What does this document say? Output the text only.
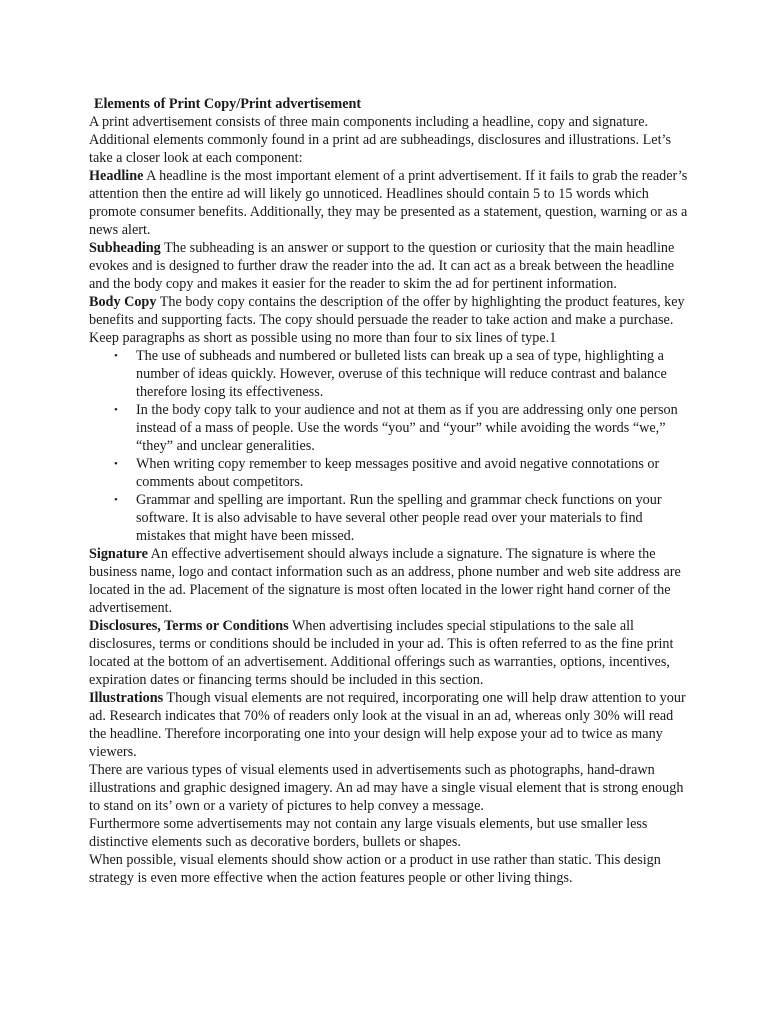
Elements of Print Copy/Print advertisement

A print advertisement consists of three main components including a headline, copy and signature. Additional elements commonly found in a print ad are subheadings, disclosures and illustrations. Let’s take a closer look at each component:

Headline A headline is the most important element of a print advertisement. If it fails to grab the reader’s attention then the entire ad will likely go unnoticed. Headlines should contain 5 to 15 words which promote consumer benefits. Additionally, they may be presented as a statement, question, warning or as a news alert.

Subheading The subheading is an answer or support to the question or curiosity that the main headline evokes and is designed to further draw the reader into the ad. It can act as a break between the headline and the body copy and makes it easier for the reader to skim the ad for pertinent information.

Body Copy The body copy contains the description of the offer by highlighting the product features, key benefits and supporting facts. The copy should persuade the reader to take action and make a purchase. Keep paragraphs as short as possible using no more than four to six lines of type.1

• The use of subheads and numbered or bulleted lists can break up a sea of type, highlighting a number of ideas quickly. However, overuse of this technique will reduce contrast and balance therefore losing its effectiveness.
• In the body copy talk to your audience and not at them as if you are addressing only one person instead of a mass of people. Use the words “you” and “your” while avoiding the words “we,” “they” and unclear generalities.
• When writing copy remember to keep messages positive and avoid negative connotations or comments about competitors.
• Grammar and spelling are important. Run the spelling and grammar check functions on your software. It is also advisable to have several other people read over your materials to find mistakes that might have been missed.

Signature An effective advertisement should always include a signature. The signature is where the business name, logo and contact information such as an address, phone number and web site address are located in the ad. Placement of the signature is most often located in the lower right hand corner of the advertisement.

Disclosures, Terms or Conditions When advertising includes special stipulations to the sale all disclosures, terms or conditions should be included in your ad. This is often referred to as the fine print located at the bottom of an advertisement. Additional offerings such as warranties, options, incentives, expiration dates or financing terms should be included in this section.

Illustrations Though visual elements are not required, incorporating one will help draw attention to your ad. Research indicates that 70% of readers only look at the visual in an ad, whereas only 30% will read the headline. Therefore incorporating one into your design will help expose your ad to twice as many viewers.

There are various types of visual elements used in advertisements such as photographs, hand-drawn illustrations and graphic designed imagery. An ad may have a single visual element that is strong enough to stand on its’ own or a variety of pictures to help convey a message.

Furthermore some advertisements may not contain any large visuals elements, but use smaller less distinctive elements such as decorative borders, bullets or shapes.

When possible, visual elements should show action or a product in use rather than static. This design strategy is even more effective when the action features people or other living things.
